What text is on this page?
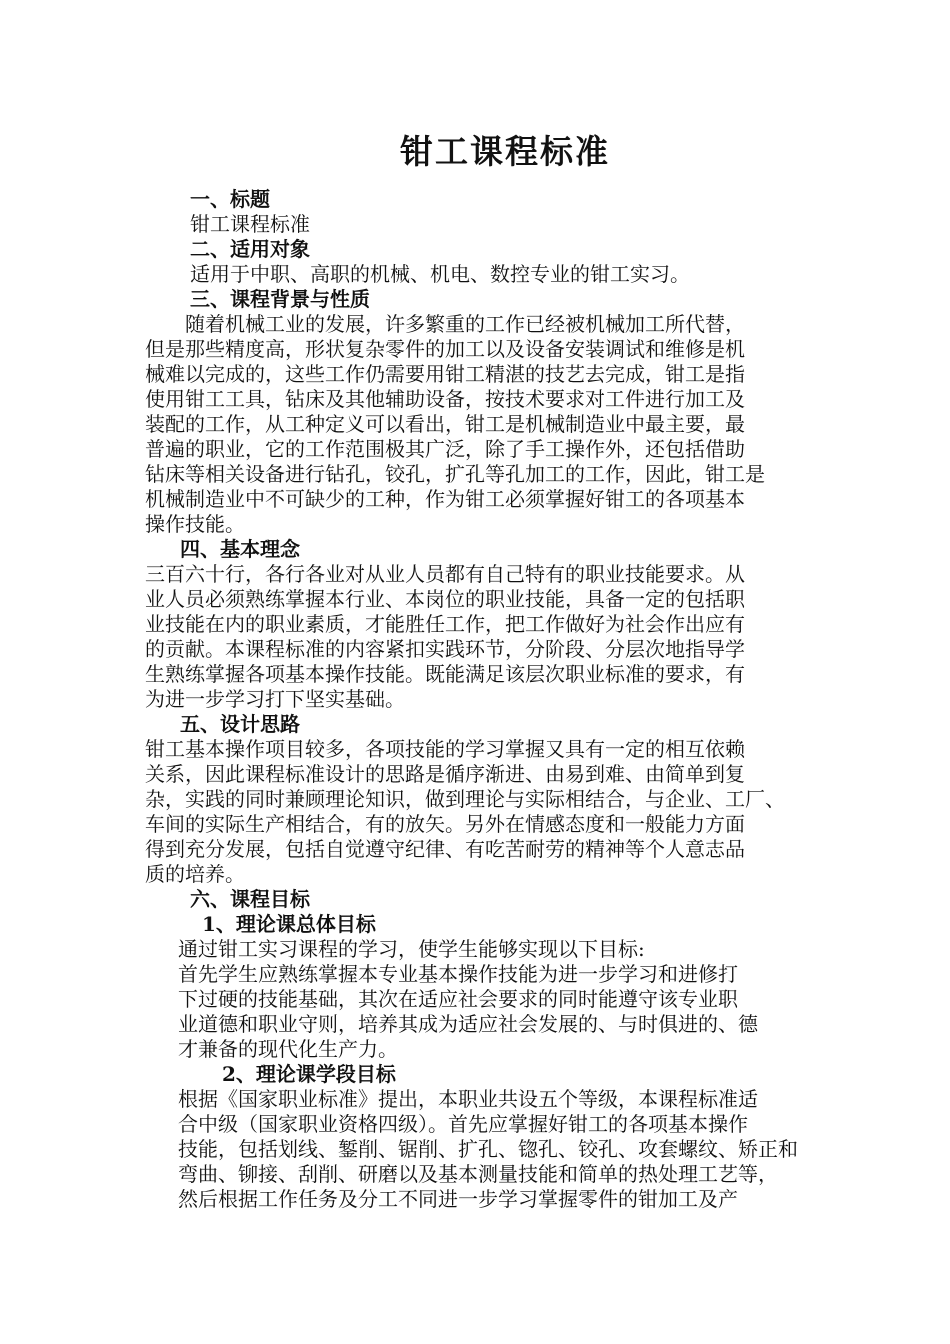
钳工课程标准

一、标题

钳工课程标准

二、适用对象

适用于中职、高职的机械、机电、数控专业的钳工实习。

三、课程背景与性质

随着机械工业的发展，许多繁重的工作已经被机械加工所代替，

但是那些精度高，形状复杂零件的加工以及设备安装调试和维修是机

械难以完成的，这些工作仍需要用钳工精湛的技艺去完成，钳工是指

使用钳工工具，钻床及其他辅助设备，按技术要求对工件进行加工及

装配的工作，从工种定义可以看出，钳工是机械制造业中最主要，最

普遍的职业，它的工作范围极其广泛，除了手工操作外，还包括借助

钻床等相关设备进行钻孔，铰孔，扩孔等孔加工的工作，因此，钳工是

机械制造业中不可缺少的工种，作为钳工必须掌握好钳工的各项基本

操作技能。

四、基本理念

三百六十行，各行各业对从业人员都有自己特有的职业技能要求。从

业人员必须熟练掌握本行业、本岗位的职业技能，具备一定的包括职

业技能在内的职业素质，才能胜任工作，把工作做好为社会作出应有

的贡献。本课程标准的内容紧扣实践环节，分阶段、分层次地指导学

生熟练掌握各项基本操作技能。既能满足该层次职业标准的要求，有

为进一步学习打下坚实基础。

五、设计思路

钳工基本操作项目较多，各项技能的学习掌握又具有一定的相互依赖

关系，因此课程标准设计的思路是循序渐进、由易到难、由简单到复

杂，实践的同时兼顾理论知识，做到理论与实际相结合，与企业、工厂、

车间的实际生产相结合，有的放矢。另外在情感态度和一般能力方面

得到充分发展，包括自觉遵守纪律、有吃苦耐劳的精神等个人意志品

质的培养。

六、课程目标

1、理论课总体目标

通过钳工实习课程的学习，使学生能够实现以下目标:

首先学生应熟练掌握本专业基本操作技能为进一步学习和进修打

下过硬的技能基础，其次在适应社会要求的同时能遵守该专业职

业道德和职业守则，培养其成为适应社会发展的、与时俱进的、德

才兼备的现代化生产力。

2、理论课学段目标

根据《国家职业标准》提出，本职业共设五个等级，本课程标准适

合中级（国家职业资格四级）。首先应掌握好钳工的各项基本操作

技能，包括划线、錾削、锯削、扩孔、锪孔、铰孔、攻套螺纹、矫正和

弯曲、铆接、刮削、研磨以及基本测量技能和简单的热处理工艺等，

然后根据工作任务及分工不同进一步学习掌握零件的钳加工及产
